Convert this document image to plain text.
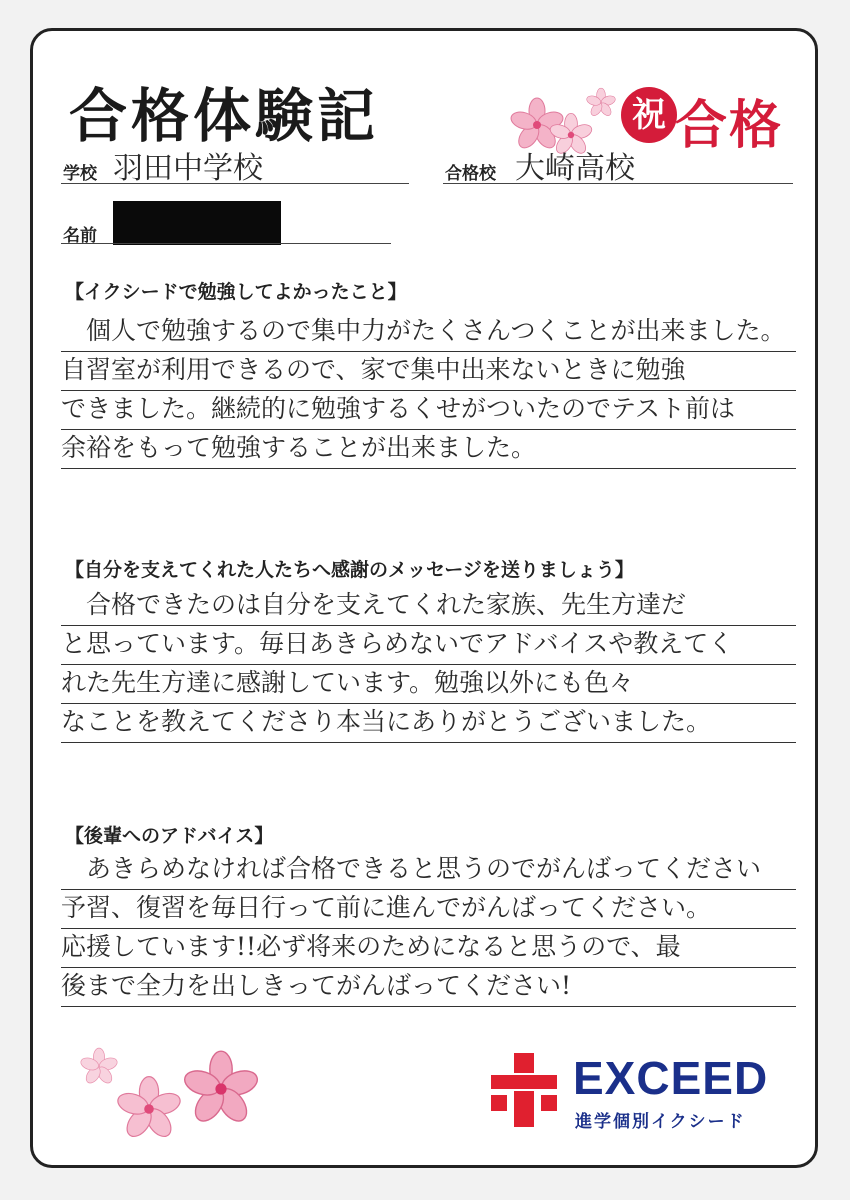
合格体験記	祝 合格
学校 羽田中学校	合格校 大崎高校
名前
【イクシードで勉強してよかったこと】
　個人で勉強するので集中力がたくさんつくことが出来ました。
自習室が利用できるので、家で集中出来ないときに勉強
できました。継続的に勉強するくせがついたのでテスト前は
余裕をもって勉強することが出来ました。
【自分を支えてくれた人たちへ感謝のメッセージを送りましょう】
　合格できたのは自分を支えてくれた家族、先生方達だ
と思っています。毎日あきらめないでアドバイスや教えてく
れた先生方達に感謝しています。勉強以外にも色々
なことを教えてくださり本当にありがとうございました。
【後輩へのアドバイス】
　あきらめなければ合格できると思うのでがんばってください
予習、復習を毎日行って前に進んでがんばってください。
応援しています!!必ず将来のためになると思うので、最
後まで全力を出しきってがんばってください!
EXCEED
進学個別イクシード
